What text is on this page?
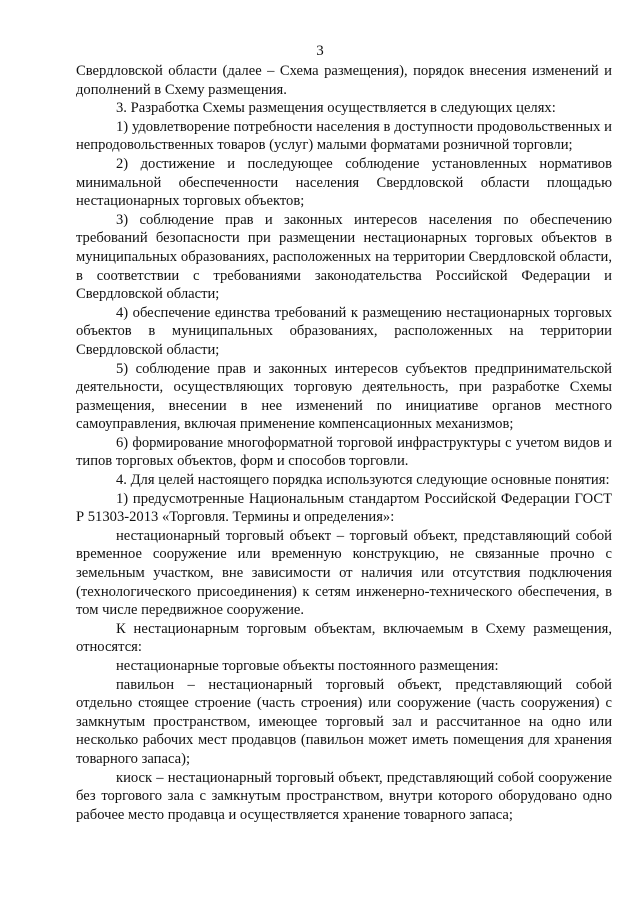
3

Свердловской области (далее – Схема размещения), порядок внесения изменений и дополнений в Схему размещения.

3. Разработка Схемы размещения осуществляется в следующих целях:

1) удовлетворение потребности населения в доступности продовольственных и непродовольственных товаров (услуг) малыми форматами розничной торговли;

2) достижение и последующее соблюдение установленных нормативов минимальной обеспеченности населения Свердловской области площадью нестационарных торговых объектов;

3) соблюдение прав и законных интересов населения по обеспечению требований безопасности при размещении нестационарных торговых объектов в муниципальных образованиях, расположенных на территории Свердловской области, в соответствии с требованиями законодательства Российской Федерации и Свердловской области;

4) обеспечение единства требований к размещению нестационарных торговых объектов в муниципальных образованиях, расположенных на территории Свердловской области;

5) соблюдение прав и законных интересов субъектов предпринимательской деятельности, осуществляющих торговую деятельность, при разработке Схемы размещения, внесении в нее изменений по инициативе органов местного самоуправления, включая применение компенсационных механизмов;

6) формирование многоформатной торговой инфраструктуры с учетом видов и типов торговых объектов, форм и способов торговли.

4. Для целей настоящего порядка используются следующие основные понятия:

1) предусмотренные Национальным стандартом Российской Федерации ГОСТ Р 51303-2013 «Торговля. Термины и определения»:

нестационарный торговый объект – торговый объект, представляющий собой временное сооружение или временную конструкцию, не связанные прочно с земельным участком, вне зависимости от наличия или отсутствия подключения (технологического присоединения) к сетям инженерно-технического обеспечения, в том числе передвижное сооружение.

К нестационарным торговым объектам, включаемым в Схему размещения, относятся:

нестационарные торговые объекты постоянного размещения:

павильон – нестационарный торговый объект, представляющий собой отдельно стоящее строение (часть строения) или сооружение (часть сооружения) с замкнутым пространством, имеющее торговый зал и рассчитанное на одно или несколько рабочих мест продавцов (павильон может иметь помещения для хранения товарного запаса);

киоск – нестационарный торговый объект, представляющий собой сооружение без торгового зала с замкнутым пространством, внутри которого оборудовано одно рабочее место продавца и осуществляется хранение товарного запаса;
